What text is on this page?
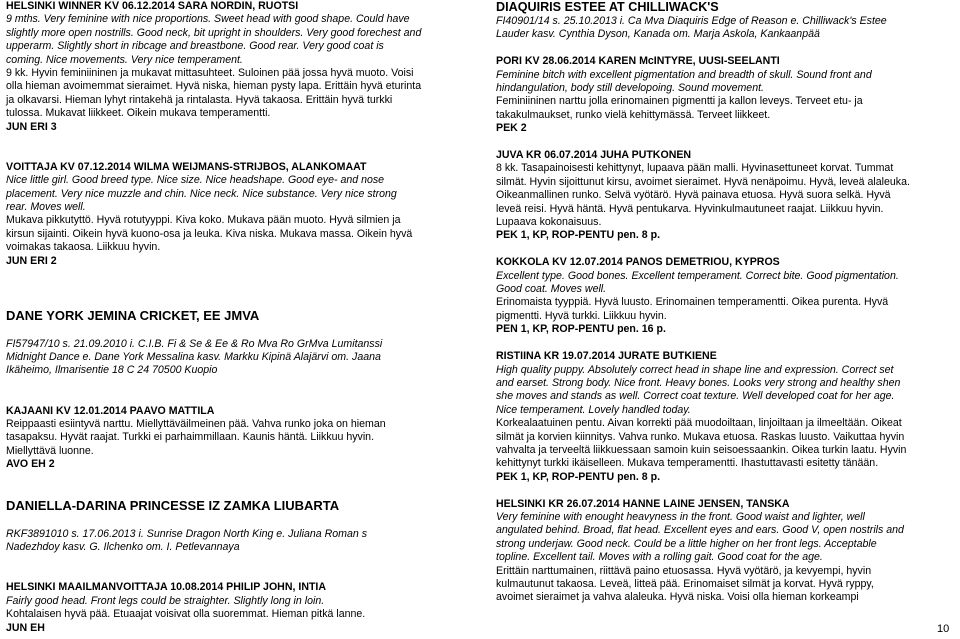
HELSINKI WINNER KV 06.12.2014 SARA NORDIN, RUOTSI
9 mths. Very feminine with nice proportions. Sweet head with good shape. Could have
slightly more open nostrills. Good neck, bit upright in shoulders. Very good forechest and
upperarm. Slightly short in ribcage and breastbone. Good rear. Very good coat is
coming. Nice movements. Very nice temperament.
9 kk. Hyvin feminiininen ja mukavat mittasuhteet. Suloinen pää jossa hyvä muoto. Voisi
olla hieman avoimemmat sieraimet. Hyvä niska, hieman pysty lapa. Erittäin hyvä eturinta
ja olkavarsi. Hieman lyhyt rintakehä ja rintalasta. Hyvä takaosa. Erittäin hyvä turkki
tulossa. Mukavat liikkeet. Oikein mukava temperamentti.
JUN ERI 3
VOITTAJA KV 07.12.2014 WILMA WEIJMANS-STRIJBOS, ALANKOMAAT
Nice little girl. Good breed type. Nice size. Nice headshape. Good eye- and nose
placement. Very nice muzzle and chin. Nice neck. Nice substance. Very nice strong
rear. Moves well.
Mukava pikkutyttö. Hyvä rotutyyppi. Kiva koko. Mukava pään muoto. Hyvä silmien ja
kirsun sijainti. Oikein hyvä kuono-osa ja leuka. Kiva niska. Mukava massa. Oikein hyvä
voimakas takaosa. Liikkuu hyvin.
JUN ERI 2
DANE YORK JEMINA CRICKET, EE JMVA
FI57947/10 s. 21.09.2010 i. C.I.B. Fi & Se & Ee & Ro Mva Ro GrMva Lumitanssi
Midnight Dance e. Dane York Messalina kasv. Markku Kipinä Alajärvi om. Jaana
Ikäheimo, Ilmarisentie 18 C 24 70500 Kuopio
KAJAANI KV 12.01.2014 PAAVO MATTILA
Reippaasti esiintyvä narttu. Miellyttäväilmeinen pää. Vahva runko joka on hieman
tasapaksu. Hyvät raajat. Turkki ei parhaimmillaan. Kaunis häntä. Liikkuu hyvin.
Miellyttävä luonne.
AVO EH 2
DANIELLA-DARINA PRINCESSE IZ ZAMKA LIUBARTA
RKF3891010 s. 17.06.2013 i. Sunrise Dragon North King e. Juliana Roman s
Nadezhdoy kasv. G. Ilchenko om. I. Petlevannaya
HELSINKI MAAILMANVOITTAJA 10.08.2014 PHILIP JOHN, INTIA
Fairly good head. Front legs could be straighter. Slightly long in loin.
Kohtalaisen hyvä pää. Etuaajat voisivat olla suoremmat. Hieman pitkä lanne.
JUN EH
DIAQUIRIS ESTEE AT CHILLIWACK'S
FI40901/14 s. 25.10.2013 i. Ca Mva Diaquiris Edge of Reason e. Chilliwack's Estee
Lauder kasv. Cynthia Dyson, Kanada om. Marja Askola, Kankaanpää
PORI KV 28.06.2014 KAREN McINTYRE, UUSI-SEELANTI
Feminine bitch with excellent pigmentation and breadth of skull. Sound front and
hindangulation, body still developoing. Sound movement.
Feminiininen narttu jolla erinomainen pigmentti ja kallon leveys. Terveet etu- ja
takakulmaukset, runko vielä kehittymässä. Terveet liikkeet.
PEK 2
JUVA KR 06.07.2014 JUHA PUTKONEN
8 kk. Tasapainoisesti kehittynyt, lupaava pään malli. Hyvinasettuneet korvat. Tummat
silmät. Hyvin sijoittunut kirsu, avoimet sieraimet. Hyvä nenäpoimu. Hyvä, leveä alaleuka.
Oikeanmallinen runko. Selvä vyötärö. Hyvä painava etuosa. Hyvä suora selkä. Hyvä
leveä reisi. Hyvä häntä. Hyvä pentukarva. Hyvinkulmautuneet raajat. Liikkuu hyvin.
Lupaava kokonaisuus.
PEK 1, KP, ROP-PENTU pen. 8 p.
KOKKOLA KV 12.07.2014 PANOS DEMETRIOU, KYPROS
Excellent type. Good bones. Excellent temperament. Correct bite. Good pigmentation.
Good coat. Moves well.
Erinomaista tyyppiä. Hyvä luusto. Erinomainen temperamentti. Oikea purenta. Hyvä
pigmentti. Hyvä turkki. Liikkuu hyvin.
PEN 1, KP, ROP-PENTU pen. 16 p.
RISTIINA KR 19.07.2014 JURATE BUTKIENE
High quality puppy. Absolutely correct head in shape line and expression. Correct set
and earset. Strong body. Nice front. Heavy bones. Looks very strong and healthy shen
she moves and stands as well. Correct coat texture. Well developed coat for her age.
Nice temperament. Lovely handled today.
Korkealaatuinen pentu. Aivan korrekti pää muodoiltaan, linjoiltaan ja ilmeeltään. Oikeat
silmät ja korvien kiinnitys. Vahva runko. Mukava etuosa. Raskas luusto. Vaikuttaa hyvin
vahvalta ja terveeltä liikkuessaan samoin kuin seisoessaankin. Oikea turkin laatu. Hyvin
kehittynyt turkki ikäiselleen. Mukava temperamentti. Ihastuttavasti esitetty tänään.
PEK 1, KP, ROP-PENTU pen. 8 p.
HELSINKI KR 26.07.2014 HANNE LAINE JENSEN, TANSKA
Very feminine with enought heavyness in the front. Good waist and lighter, well
angulated behind. Broad, flat head. Excellent eyes and ears. Good V, open nostrils and
strong underjaw. Good neck. Could be a little higher on her front legs. Acceptable
topline. Excellent tail. Moves with a rolling gait. Good coat for the age.
Erittäin narttumainen, riittävä paino etuosassa. Hyvä vyötärö, ja kevyempi, hyvin
kulmautunut takaosa. Leveä, litteä pää. Erinomaiset silmät ja korvat. Hyvä ryppy,
avoimet sieraimet ja vahva alaleuka. Hyvä niska. Voisi olla hieman korkeampi
10
